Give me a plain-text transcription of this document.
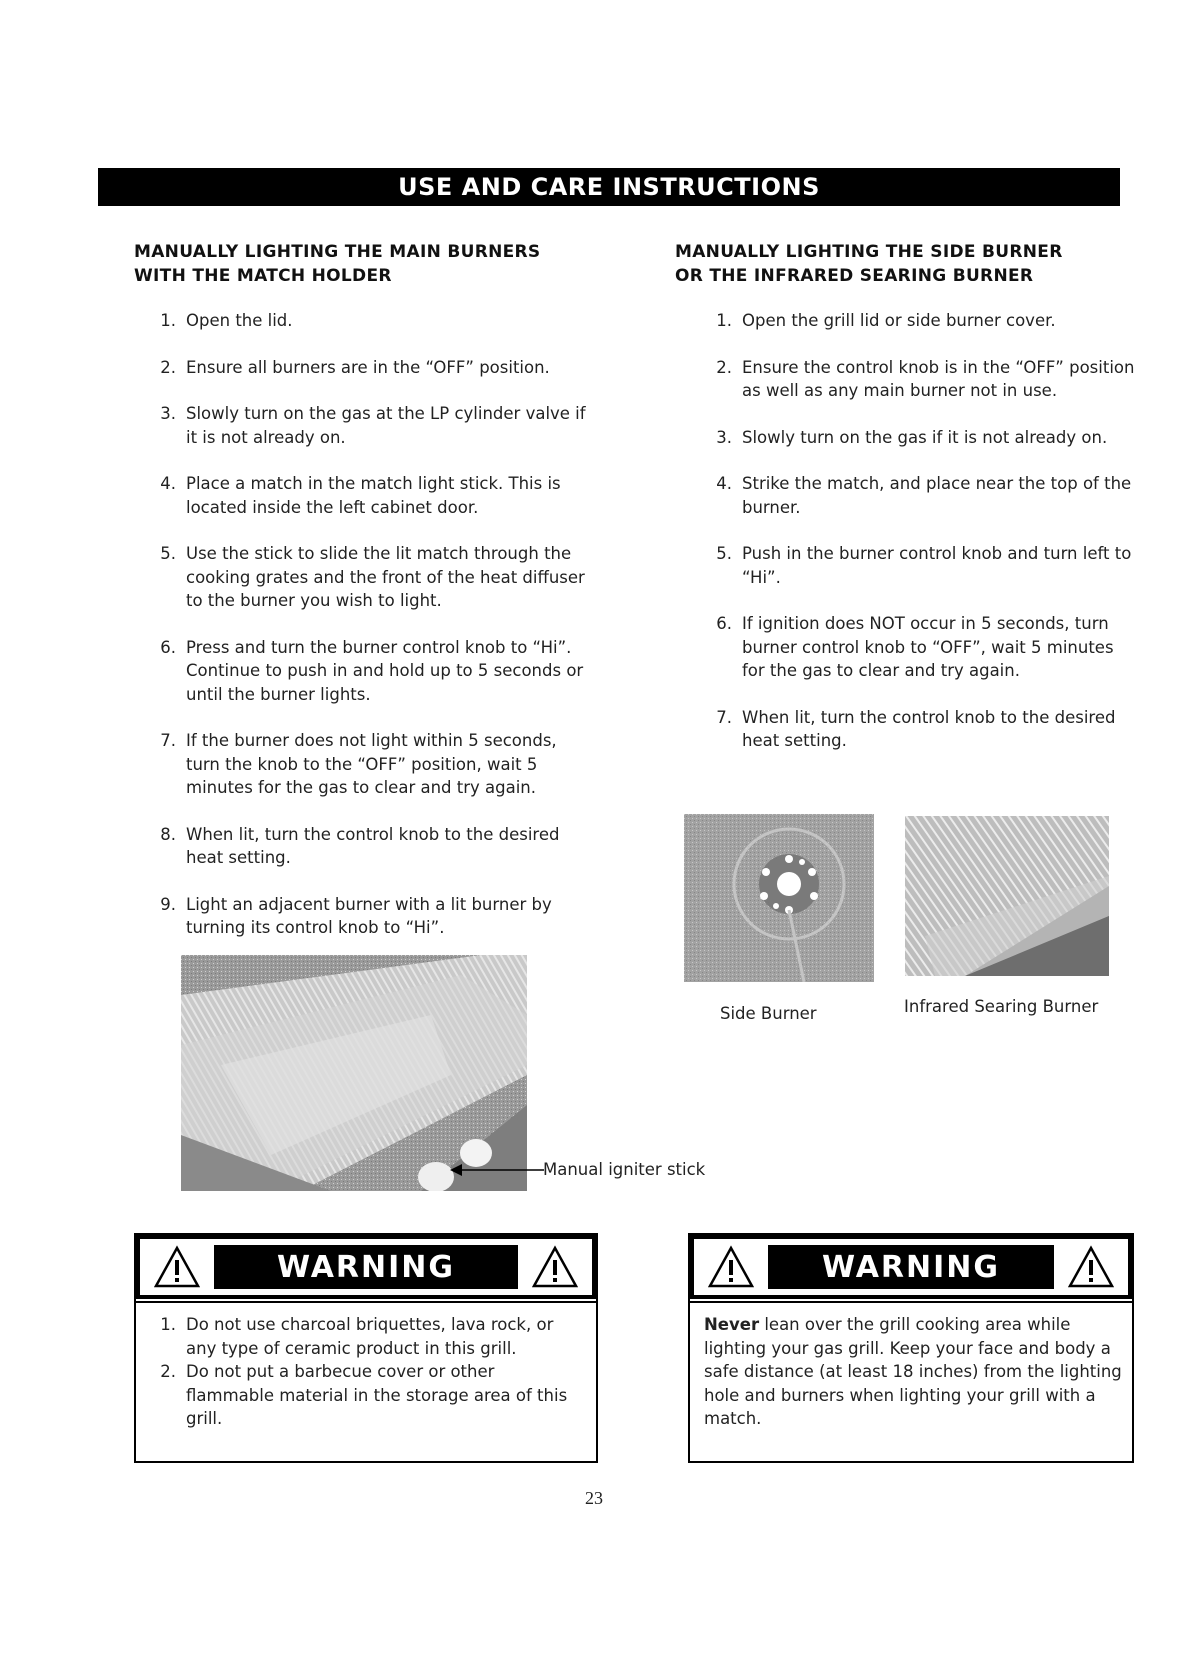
USE AND CARE INSTRUCTIONS
MANUALLY LIGHTING THE MAIN BURNERS
WITH THE MATCH HOLDER
1. Open the lid.
2. Ensure all burners are in the “OFF” position.
3. Slowly turn on the gas at the LP cylinder valve if it is not already on.
4. Place a match in the match light stick. This is located inside the left cabinet door.
5. Use the stick to slide the lit match through the cooking grates and the front of the heat diffuser to the burner you wish to light.
6. Press and turn the burner control knob to “Hi”. Continue to push in and hold up to 5 seconds or until the burner lights.
7. If the burner does not light within 5 seconds, turn the knob to the “OFF” position, wait 5 minutes for the gas to clear and try again.
8. When lit, turn the control knob to the desired heat setting.
9. Light an adjacent burner with a lit burner by turning its control knob to “Hi”.
Manual igniter stick
MANUALLY LIGHTING THE SIDE BURNER
OR THE INFRARED SEARING BURNER
1. Open the grill lid or side burner cover.
2. Ensure the control knob is in the “OFF” position as well as any main burner not in use.
3. Slowly turn on the gas if it is not already on.
4. Strike the match, and place near the top of the burner.
5. Push in the burner control knob and turn left to “Hi”.
6. If ignition does NOT occur in 5 seconds, turn burner control knob to “OFF”, wait 5 minutes for the gas to clear and try again.
7. When lit, turn the control knob to the desired heat setting.
Side Burner	Infrared Searing Burner
WARNING
1. Do not use charcoal briquettes, lava rock, or any type of ceramic product in this grill.
2. Do not put a barbecue cover or other flammable material in the storage area of this grill.
WARNING
Never lean over the grill cooking area while lighting your gas grill. Keep your face and body a safe distance (at least 18 inches) from the lighting hole and burners when lighting your grill with a match.
23
